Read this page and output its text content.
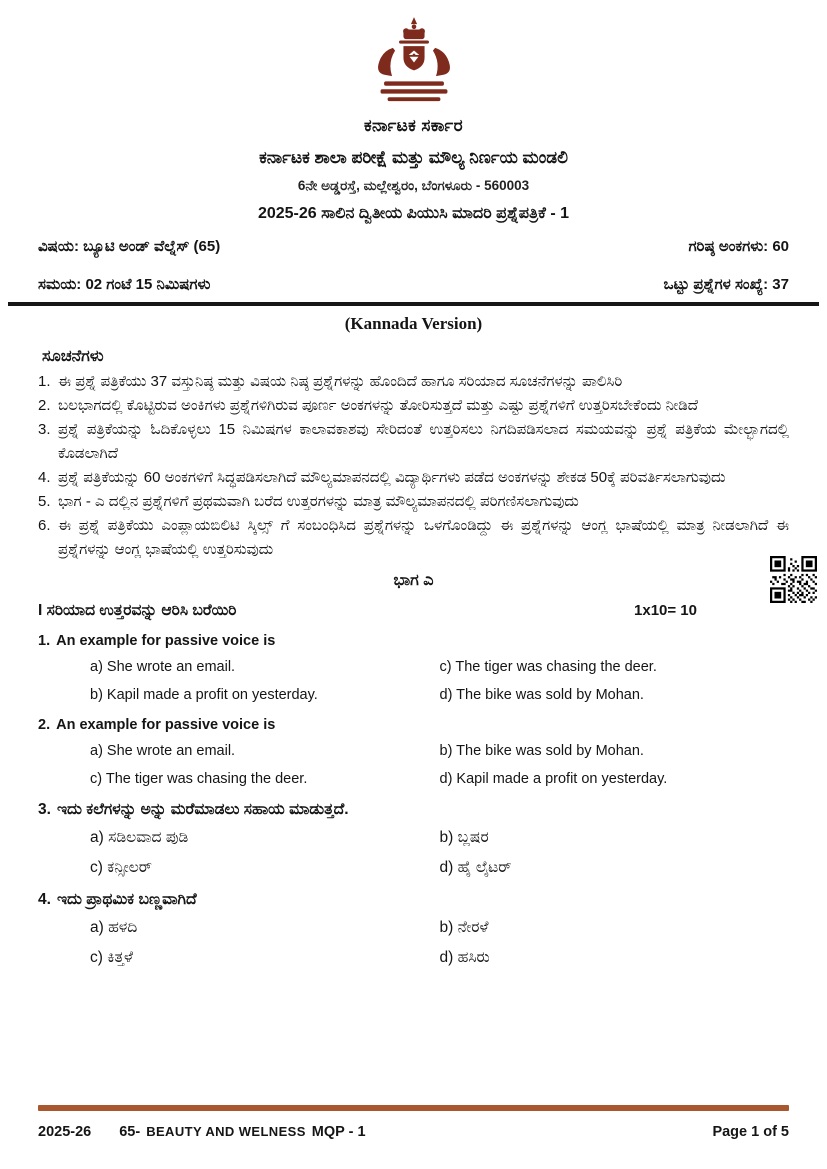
ಕರ್ನಾಟಕ ಸರ್ಕಾರ
ಕರ್ನಾಟಕ ಶಾಲಾ ಪರೀಕ್ಷೆ ಮತ್ತು ಮೌಲ್ಯ ನಿರ್ಣಯ ಮಂಡಲಿ
6ನೇ ಅಡ್ಡರಸ್ತೆ, ಮಲ್ಲೇಶ್ವರಂ, ಬೆಂಗಳೂರು - 560003
2025-26 ಸಾಲಿನ ದ್ವಿತೀಯ ಪಿಯುಸಿ ಮಾದರಿ ಪ್ರಶ್ನೆಪತ್ರಿಕೆ - 1
ವಿಷಯ: ಬ್ಯೂಟಿ ಅಂಡ್ ವೆಲ್ನೆಸ್ (65)	ಗರಿಷ್ಠ ಅಂಕಗಳು: 60
ಸಮಯ: 02 ಗಂಟೆ 15 ನಿಮಿಷಗಳು	ಒಟ್ಟು ಪ್ರಶ್ನೆಗಳ ಸಂಖ್ಯೆ: 37
(Kannada Version)
ಸೂಚನೆಗಳು
1. ಈ ಪ್ರಶ್ನೆ ಪತ್ರಿಕೆಯು 37 ವಸ್ತುನಿಷ್ಠ ಮತ್ತು ವಿಷಯ ನಿಷ್ಠ ಪ್ರಶ್ನೆಗಳನ್ನು ಹೊಂದಿದೆ ಹಾಗೂ ಸರಿಯಾದ ಸೂಚನೆಗಳನ್ನು ಪಾಲಿಸಿರಿ
2. ಬಲಭಾಗದಲ್ಲಿ ಕೊಟ್ಟಿರುವ ಅಂಕಿಗಳು ಪ್ರಶ್ನೆಗಳಿಗಿರುವ ಪೂರ್ಣ ಅಂಕಗಳನ್ನು ತೋರಿಸುತ್ತದೆ ಮತ್ತು ಎಷ್ಟು ಪ್ರಶ್ನೆಗಳಿಗೆ ಉತ್ತರಿಸಬೇಕೆಂದು ನೀಡಿದೆ
3. ಪ್ರಶ್ನೆ ಪತ್ರಿಕೆಯನ್ನು ಓದಿಕೊಳ್ಳಲು 15 ನಿಮಿಷಗಳ ಕಾಲಾವಕಾಶವು ಸೇರಿದಂತೆ ಉತ್ತರಿಸಲು ನಿಗದಿಪಡಿಸಲಾದ ಸಮಯವನ್ನು ಪ್ರಶ್ನೆ ಪತ್ರಿಕೆಯ ಮೇಲ್ಭಾಗದಲ್ಲಿ ಕೊಡಲಾಗಿದೆ
4. ಪ್ರಶ್ನೆ ಪತ್ರಿಕೆಯನ್ನು 60 ಅಂಕಗಳಿಗೆ ಸಿದ್ಧಪಡಿಸಲಾಗಿದೆ ಮೌಲ್ಯಮಾಪನದಲ್ಲಿ ವಿದ್ಯಾರ್ಥಿಗಳು ಪಡೆದ ಅಂಕಗಳನ್ನು ಶೇಕಡ 50ಕ್ಕೆ ಪರಿವರ್ತಿಸಲಾಗುವುದು
5. ಭಾಗ - ಎ ದಲ್ಲಿನ ಪ್ರಶ್ನೆಗಳಿಗೆ ಪ್ರಥಮವಾಗಿ ಬರೆದ ಉತ್ತರಗಳನ್ನು ಮಾತ್ರ ಮೌಲ್ಯಮಾಪನದಲ್ಲಿ ಪರಿಗಣಿಸಲಾಗುವುದು
6. ಈ ಪ್ರಶ್ನೆ ಪತ್ರಿಕೆಯು ಎಂಪ್ಲಾಯಬಿಲಿಟಿ ಸ್ಕಿಲ್ಸ್ ಗೆ ಸಂಬಂಧಿಸಿದ ಪ್ರಶ್ನೆಗಳನ್ನು ಒಳಗೊಂಡಿದ್ದು ಈ ಪ್ರಶ್ನೆಗಳನ್ನು ಆಂಗ್ಲ ಭಾಷೆಯಲ್ಲಿ ಮಾತ್ರ ನೀಡಲಾಗಿದೆ ಈ ಪ್ರಶ್ನೆಗಳನ್ನು ಆಂಗ್ಲ ಭಾಷೆಯಲ್ಲಿ ಉತ್ತರಿಸುವುದು
ಭಾಗ ಎ
I ಸರಿಯಾದ ಉತ್ತರವನ್ನು ಆರಿಸಿ ಬರೆಯಿರಿ	1x10= 10
1. An example for passive voice is
a) She wrote an email.	c) The tiger was chasing the deer.
b) Kapil made a profit on yesterday.	d) The bike was sold by Mohan.
2. An example for passive voice is
a) She wrote an email.	b) The bike was sold by Mohan.
c) The tiger was chasing the deer.	d) Kapil made a profit on yesterday.
3. ಇದು ಕಲೆಗಳನ್ನು ಅನ್ನು ಮರೆಮಾಡಲು ಸಹಾಯ ಮಾಡುತ್ತದೆ.
a) ಸಡಿಲವಾದ ಪುಡಿ	b) ಬ್ಲಷರ
c) ಕನ್ಸೀಲರ್	d) ಹೈ ಲೈಟರ್
4. ಇದು ಪ್ರಾಥಮಿಕ ಬಣ್ಣವಾಗಿದೆ
a) ಹಳದಿ	b) ನೇರಳೆ
c) ಕಿತ್ತಳೆ	d) ಹಸಿರು
2025-26 65- BEAUTY AND WELNESS MQP - 1	Page 1 of 5
